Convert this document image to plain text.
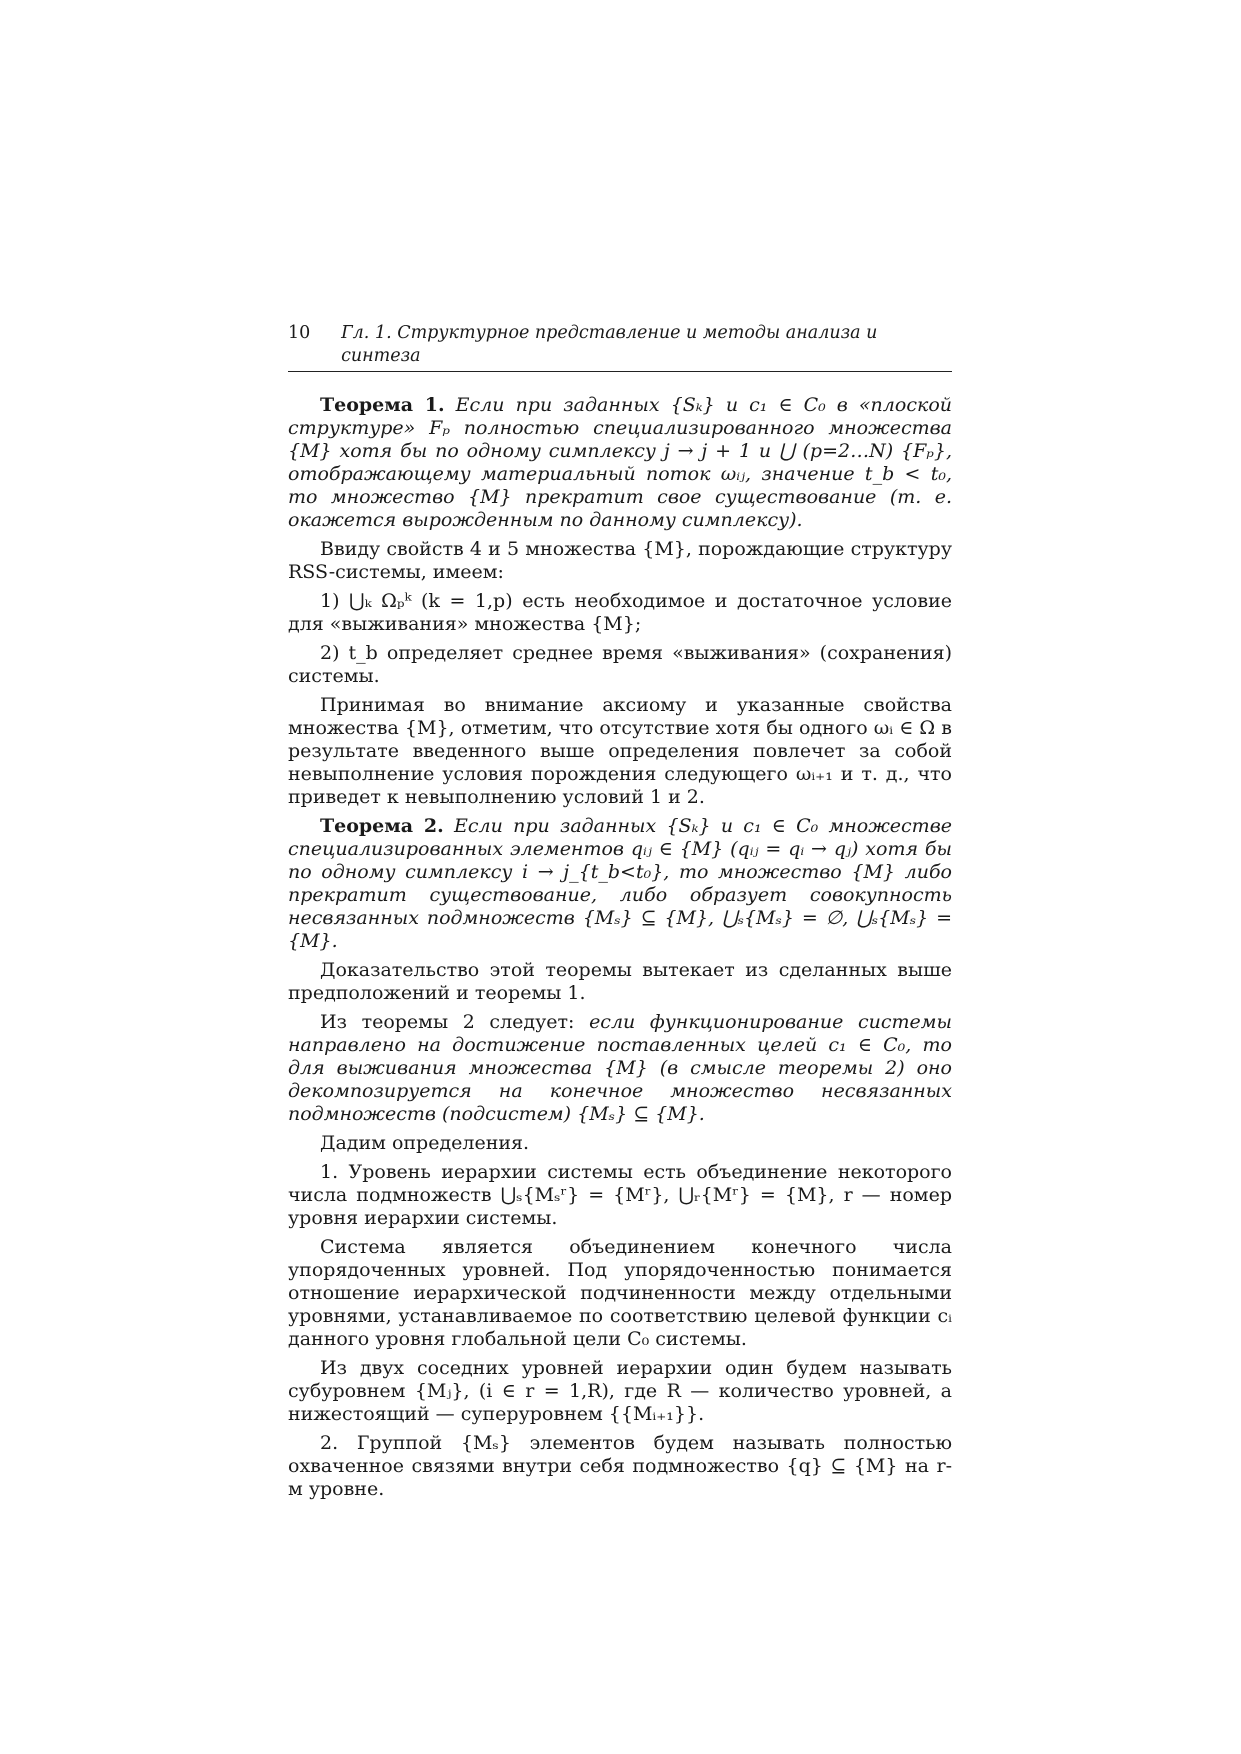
10	Гл. 1. Структурное представление и методы анализа и синтеза

Теорема 1. Если при заданных {Sₖ} и c₁ ∈ C₀ в «плоской структуре» Fₚ полностью специализированного множества {M} хотя бы по одному симплексу j → j + 1 и ⋃ (p=2…N) {Fₚ}, отображающему материальный поток ωᵢⱼ, значение t_b < t₀, то множество {M} прекратит свое существование (т. е. окажется вырожденным по данному симплексу).

Ввиду свойств 4 и 5 множества {M}, порождающие структуру RSS-системы, имеем:

1) ⋃ₖ Ωₚᵏ (k = 1,p) есть необходимое и достаточное условие для «выживания» множества {M};

2) t_b определяет среднее время «выживания» (сохранения) системы.

Принимая во внимание аксиому и указанные свойства множества {M}, отметим, что отсутствие хотя бы одного ωᵢ ∈ Ω в результате введенного выше определения повлечет за собой невыполнение условия порождения следующего ωᵢ₊₁ и т. д., что приведет к невыполнению условий 1 и 2.

Теорема 2. Если при заданных {Sₖ} и c₁ ∈ C₀ множестве специализированных элементов qᵢⱼ ∈ {M} (qᵢⱼ = qᵢ → qⱼ) хотя бы по одному симплексу i → j_{t_b<t₀}, то множество {M} либо прекратит существование, либо образует совокупность несвязанных подмножеств {Mₛ} ⊆ {M}, ⋃ₛ{Mₛ} = ∅, ⋃ₛ{Mₛ} = {M}.

Доказательство этой теоремы вытекает из сделанных выше предположений и теоремы 1.

Из теоремы 2 следует: если функционирование системы направлено на достижение поставленных целей c₁ ∈ C₀, то для выживания множества {M} (в смысле теоремы 2) оно декомпозируется на конечное множество несвязанных подмножеств (подсистем) {Mₛ} ⊆ {M}.

Дадим определения.

1. Уровень иерархии системы есть объединение некоторого числа подмножеств ⋃ₛ{Mₛʳ} = {Mʳ}, ⋃ᵣ{Mʳ} = {M}, r — номер уровня иерархии системы.

Система является объединением конечного числа упорядоченных уровней. Под упорядоченностью понимается отношение иерархической подчиненности между отдельными уровнями, устанавливаемое по соответствию целевой функции cᵢ данного уровня глобальной цели C₀ системы.

Из двух соседних уровней иерархии один будем называть субуровнем {Mⱼ}, (i ∈ r = 1,R), где R — количество уровней, а нижестоящий — суперуровнем {{Mᵢ₊₁}}.

2. Группой {Mₛ} элементов будем называть полностью охваченное связями внутри себя подмножество {q} ⊆ {M} на r-м уровне.
